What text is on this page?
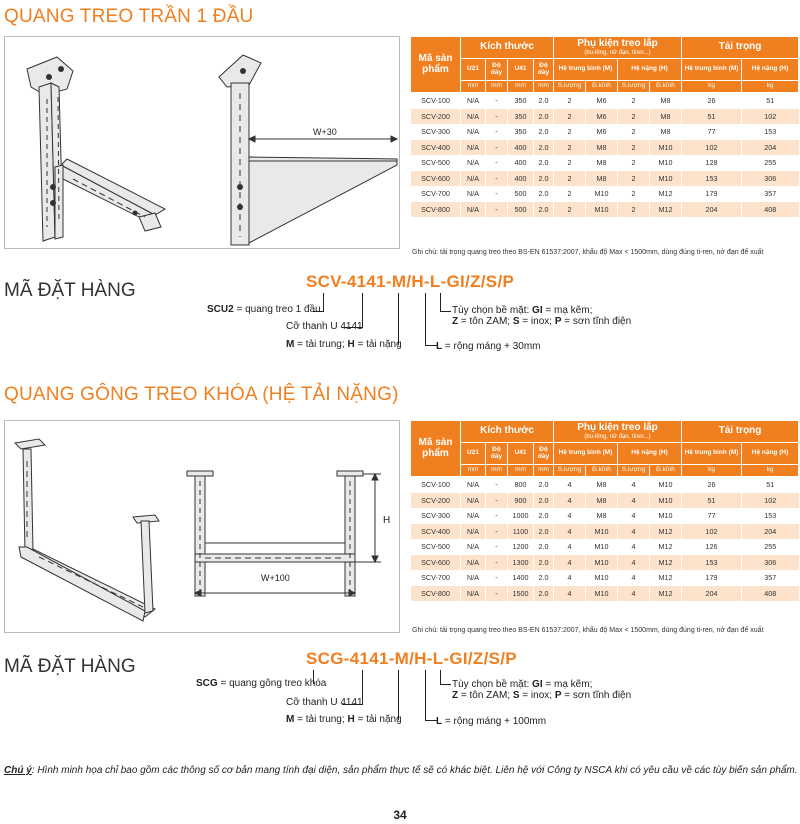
QUANG TREO TRẦN 1 ĐẦU
W+30
Mã sản phẩm	Kích thước				Phụ kiện treo lắp
(bu-lông, nở đạn, tiren...)				Tải trọng	
	U21	Độ dày	U41	Độ dày	Hệ trung bình (M)		Hệ nặng (H)		Hệ trung bình (M)	Hệ nặng (H)
	mm	mm	mm	mm	S.lượng	Đ.kính	S.lượng	Đ.kính	kg	kg
SCV-100	N/A	-	350	2.0	2	M6	2	M8	26	51
SCV-200	N/A	-	350	2.0	2	M6	2	M8	51	102
SCV-300	N/A	-	350	2.0	2	M6	2	M8	77	153
SCV-400	N/A	-	400	2.0	2	M8	2	M10	102	204
SCV-500	N/A	-	400	2.0	2	M8	2	M10	128	255
SCV-600	N/A	-	400	2.0	2	M8	2	M10	153	306
SCV-700	N/A	-	500	2.0	2	M10	2	M12	179	357
SCV-800	N/A	-	500	2.0	2	M10	2	M12	204	408
Ghi chú: tải trọng quang treo theo BS-EN 61537:2007, khẩu độ Max < 1500mm, dùng đúng ti-ren, nở đạn để xuất
MÃ ĐẶT HÀNG	SCV-4141-M/H-L-GI/Z/S/P
SCU2 = quang treo 1 đầu
Cỡ thanh U 4141
M = tải trung; H = tải nặng	L = rộng máng + 30mm
Tùy chọn bề mặt: GI = mạ kẽm;
Z = tôn ZAM; S = inox; P = sơn tĩnh điện
QUANG GÔNG TREO KHÓA (HỆ TẢI NẶNG)
W+100
H
Mã sản phẩm	Kích thước				Phụ kiện treo lắp
(bu-lông, nở đạn, tiren...)				Tải trọng	
	U21	Độ dày	U41	Độ dày	Hệ trung bình (M)		Hệ nặng (H)		Hệ trung bình (M)	Hệ nặng (H)
	mm	mm	mm	mm	S.lượng	Đ.kính	S.lượng	Đ.kính	kg	kg
SCV-100	N/A	-	800	2.0	4	M8	4	M10	26	51
SCV-200	N/A	-	900	2.0	4	M8	4	M10	51	102
SCV-300	N/A	-	1000	2.0	4	M8	4	M10	77	153
SCV-400	N/A	-	1100	2.0	4	M10	4	M12	102	204
SCV-500	N/A	-	1200	2.0	4	M10	4	M12	126	255
SCV-600	N/A	-	1300	2.0	4	M10	4	M12	153	306
SCV-700	N/A	-	1400	2.0	4	M10	4	M12	179	357
SCV-800	N/A	-	1500	2.0	4	M10	4	M12	204	408
Ghi chú: tải trọng quang treo theo BS-EN 61537:2007, khẩu độ Max < 1500mm, dùng đúng ti-ren, nở đạn để xuất
MÃ ĐẶT HÀNG	SCG-4141-M/H-L-GI/Z/S/P
SCG = quang gông treo khóa
Cỡ thanh U 4141
M = tải trung; H = tải nặng	L = rộng máng + 100mm
Tùy chọn bề mặt: GI = mạ kẽm;
Z = tôn ZAM; S = inox; P = sơn tĩnh điện
Chú ý: Hình minh họa chỉ bao gồm các thông số cơ bản mang tính đại diện, sản phẩm thực tế sẽ có khác biệt. Liên hệ với Công ty NSCA khi có yêu cầu về các tùy biến sản phẩm.
34
